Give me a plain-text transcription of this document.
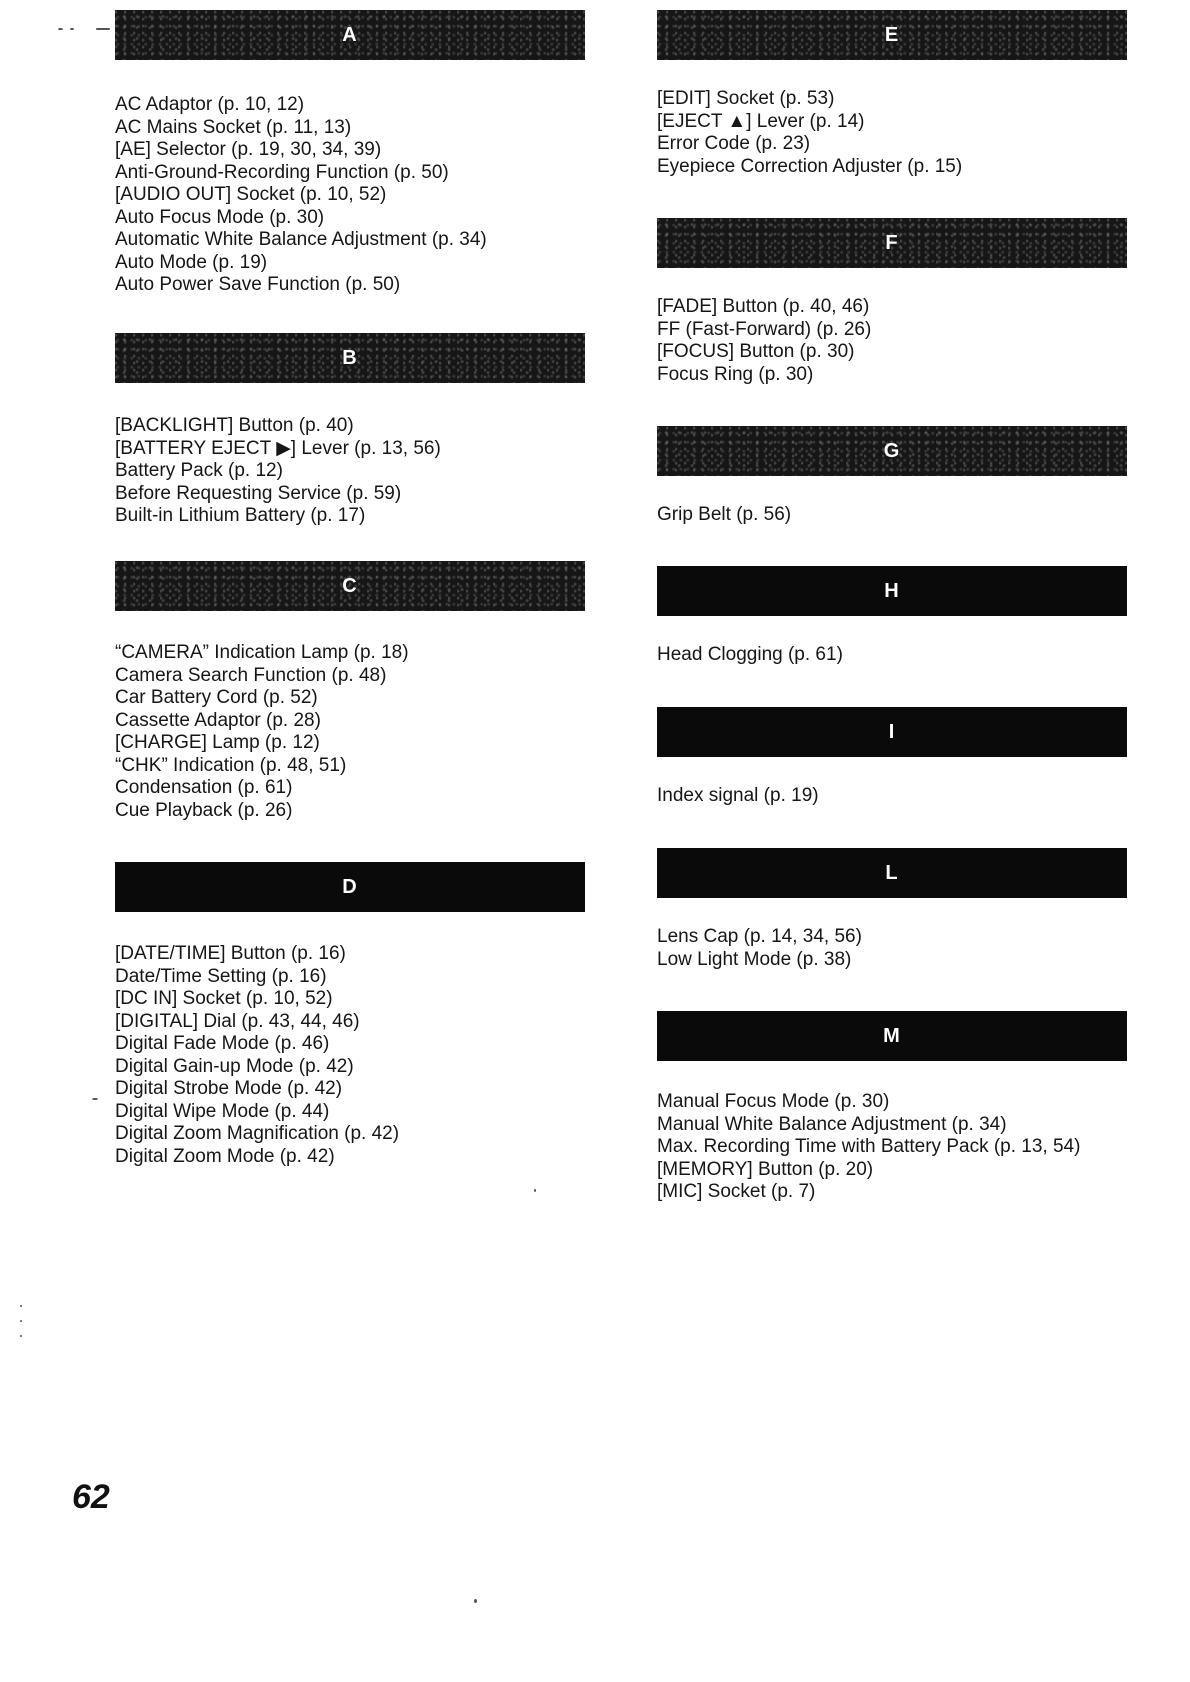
A
AC Adaptor (p. 10, 12)
AC Mains Socket (p. 11, 13)
[AE] Selector (p. 19, 30, 34, 39)
Anti-Ground-Recording Function (p. 50)
[AUDIO OUT] Socket (p. 10, 52)
Auto Focus Mode (p. 30)
Automatic White Balance Adjustment (p. 34)
Auto Mode (p. 19)
Auto Power Save Function (p. 50)
B
[BACKLIGHT] Button (p. 40)
[BATTERY EJECT ▶] Lever (p. 13, 56)
Battery Pack (p. 12)
Before Requesting Service (p. 59)
Built-in Lithium Battery (p. 17)
C
“CAMERA” Indication Lamp (p. 18)
Camera Search Function (p. 48)
Car Battery Cord (p. 52)
Cassette Adaptor (p. 28)
[CHARGE] Lamp (p. 12)
“CHK” Indication (p. 48, 51)
Condensation (p. 61)
Cue Playback (p. 26)
D
[DATE/TIME] Button (p. 16)
Date/Time Setting (p. 16)
[DC IN] Socket (p. 10, 52)
[DIGITAL] Dial (p. 43, 44, 46)
Digital Fade Mode (p. 46)
Digital Gain-up Mode (p. 42)
Digital Strobe Mode (p. 42)
Digital Wipe Mode (p. 44)
Digital Zoom Magnification (p. 42)
Digital Zoom Mode (p. 42)
E
[EDIT] Socket (p. 53)
[EJECT ▲] Lever (p. 14)
Error Code (p. 23)
Eyepiece Correction Adjuster (p. 15)
F
[FADE] Button (p. 40, 46)
FF (Fast-Forward) (p. 26)
[FOCUS] Button (p. 30)
Focus Ring (p. 30)
G
Grip Belt (p. 56)
H
Head Clogging (p. 61)
I
Index signal (p. 19)
L
Lens Cap (p. 14, 34, 56)
Low Light Mode (p. 38)
M
Manual Focus Mode (p. 30)
Manual White Balance Adjustment (p. 34)
Max. Recording Time with Battery Pack (p. 13, 54)
[MEMORY] Button (p. 20)
[MIC] Socket (p. 7)
62
